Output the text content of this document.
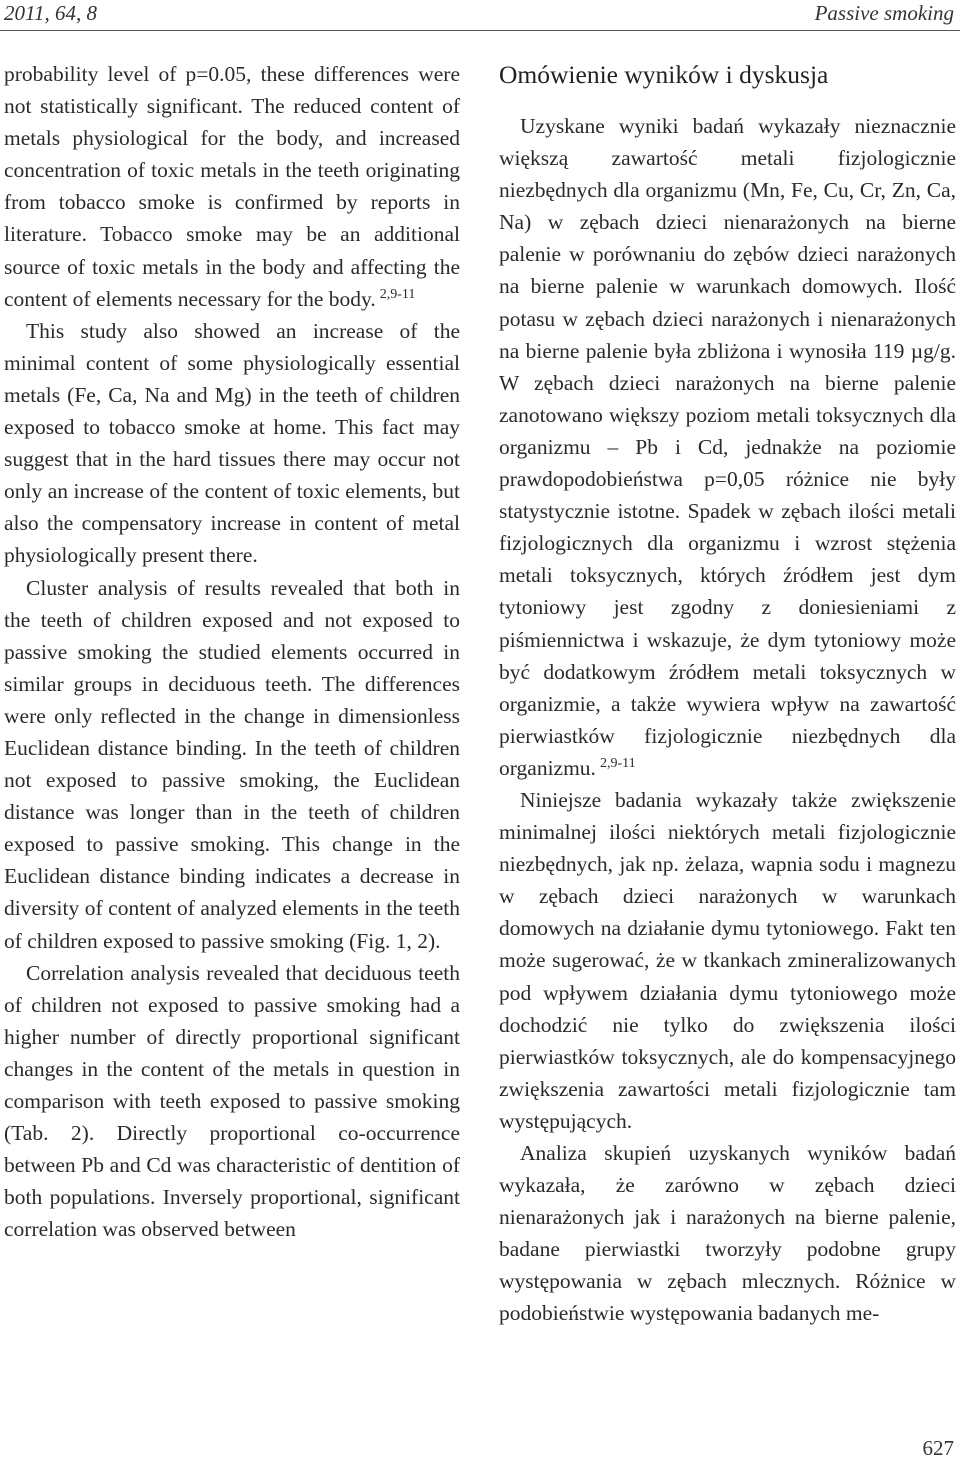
2011, 64, 8	Passive smoking

probability level of p=0.05, these differences were not statistically significant. The reduced content of metals physiological for the body, and increased concentration of toxic metals in the teeth originating from tobacco smoke is confirmed by reports in literature. Tobacco smoke may be an additional source of toxic metals in the body and affecting the content of elements necessary for the body. $^{2,9-11}$

This study also showed an increase of the minimal content of some physiologically essential metals (Fe, Ca, Na and Mg) in the teeth of children exposed to tobacco smoke at home. This fact may suggest that in the hard tissues there may occur not only an increase of the content of toxic elements, but also the compensatory increase in content of metal physiologically present there.

Cluster analysis of results revealed that both in the teeth of children exposed and not exposed to passive smoking the studied elements occurred in similar groups in deciduous teeth. The differences were only reflected in the change in dimensionless Euclidean distance binding. In the teeth of children not exposed to passive smoking, the Euclidean distance was longer than in the teeth of children exposed to passive smoking. This change in the Euclidean distance binding indicates a decrease in diversity of content of analyzed elements in the teeth of children exposed to passive smoking (Fig. 1, 2).

Correlation analysis revealed that deciduous teeth of children not exposed to passive smoking had a higher number of directly proportional significant changes in the content of the metals in question in comparison with teeth exposed to passive smoking (Tab. 2). Directly proportional co-occurrence between Pb and Cd was characteristic of dentition of both populations. Inversely proportional, significant correlation was observed between

Omówienie wyników i dyskusja

Uzyskane wyniki badań wykazały nieznacznie większą zawartość metali fizjologicznie niezbędnych dla organizmu (Mn, Fe, Cu, Cr, Zn, Ca, Na) w zębach dzieci nienarażonych na bierne palenie w porównaniu do zębów dzieci narażonych na bierne palenie w warunkach domowych. Ilość potasu w zębach dzieci narażonych i nienarażonych na bierne palenie była zbliżona i wynosiła 119 µg/g. W zębach dzieci narażonych na bierne palenie zanotowano większy poziom metali toksycznych dla organizmu – Pb i Cd, jednakże na poziomie prawdopodobieństwa p=0,05 różnice nie były statystycznie istotne. Spadek w zębach ilości metali fizjologicznych dla organizmu i wzrost stężenia metali toksycznych, których źródłem jest dym tytoniowy jest zgodny z doniesieniami z piśmiennictwa i wskazuje, że dym tytoniowy może być dodatkowym źródłem metali toksycznych w organizmie, a także wywiera wpływ na zawartość pierwiastków fizjologicznie niezbędnych dla organizmu. $^{2,9-11}$

Niniejsze badania wykazały także zwiększenie minimalnej ilości niektórych metali fizjologicznie niezbędnych, jak np. żelaza, wapnia sodu i magnezu w zębach dzieci narażonych w warunkach domowych na działanie dymu tytoniowego. Fakt ten może sugerować, że w tkankach zmineralizowanych pod wpływem działania dymu tytoniowego może dochodzić nie tylko do zwiększenia ilości pierwiastków toksycznych, ale do kompensacyjnego zwiększenia zawartości metali fizjologicznie tam występujących.

Analiza skupień uzyskanych wyników badań wykazała, że zarówno w zębach dzieci nienarażonych jak i narażonych na bierne palenie, badane pierwiastki tworzyły podobne grupy występowania w zębach mlecznych. Różnice w podobieństwie występowania badanych me-

627
